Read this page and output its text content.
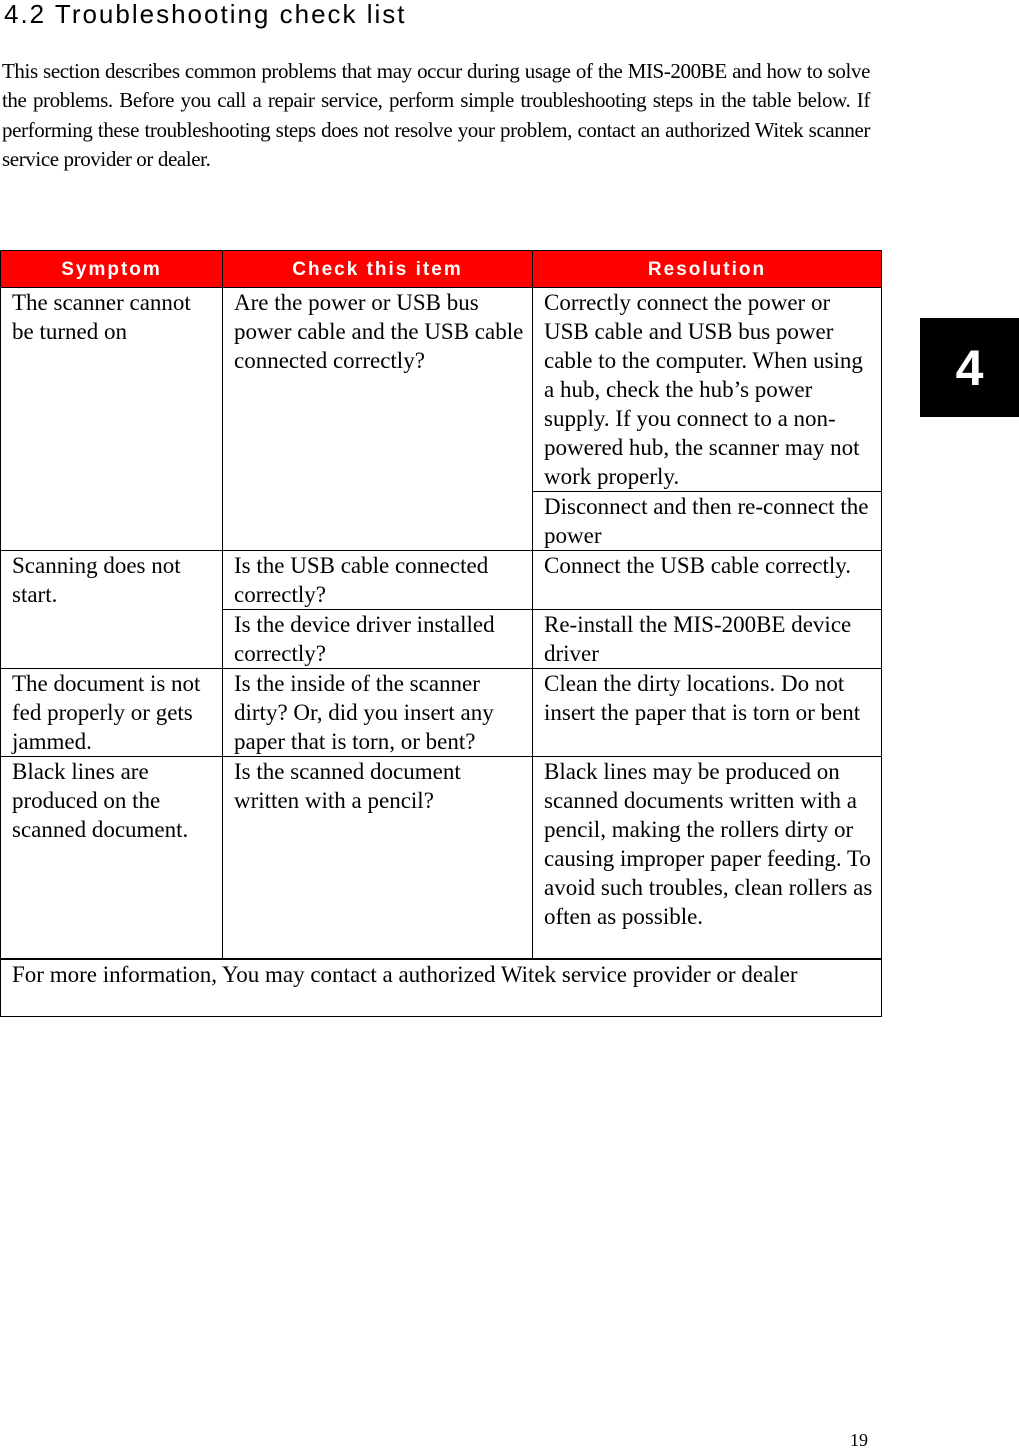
4.2 Troubleshooting check list

This section describes common problems that may occur during usage of the MIS-200BE and how to solve the problems. Before you call a repair service, perform simple troubleshooting steps in the table below. If performing these troubleshooting steps does not resolve your problem, contact an authorized Witek scanner service provider or dealer.

4
Symptom	Check this item	Resolution
The scanner cannot be turned on	Are the power or USB bus power cable and the USB cable connected correctly?	Correctly connect the power or USB cable and USB bus power cable to the computer. When using a hub, check the hub’s power supply. If you connect to a non-powered hub, the scanner may not work properly.
		Disconnect and then re-connect the power
Scanning does not start.	Is the USB cable connected correctly?	Connect the USB cable correctly.
	Is the device driver installed correctly?	Re-install the MIS-200BE device driver
The document is not fed properly or gets jammed.	Is the inside of the scanner dirty? Or, did you insert any paper that is torn, or bent?	Clean the dirty locations. Do not insert the paper that is torn or bent
Black lines are produced on the scanned document.	Is the scanned document written with a pencil?	Black lines may be produced on scanned documents written with a pencil, making the rollers dirty or causing improper paper feeding. To avoid such troubles, clean rollers as often as possible.
For more information, You may contact a authorized Witek service provider or dealer		
19
